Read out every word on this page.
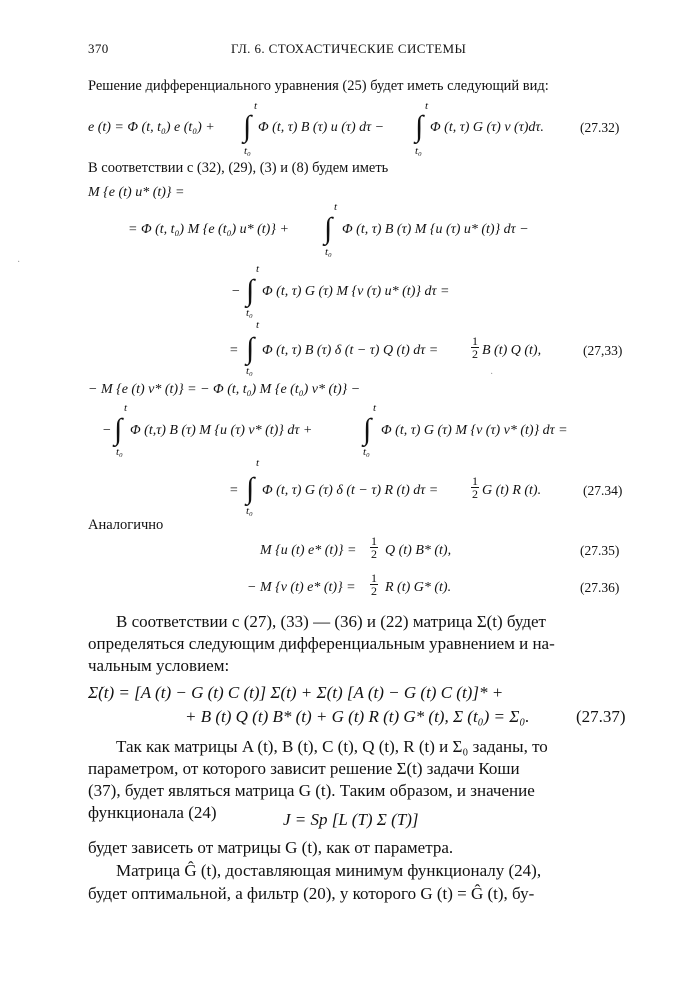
370	ГЛ. 6. СТОХАСТИЧЕСКИЕ СИСТЕМЫ
Решение дифференциального уравнения (25) будет иметь следующий вид:
e (t) = Φ (t, t₀) e (t₀) +
t
∫
t₀
Φ (t, τ) B (τ) u (τ) dτ −
t
∫
t₀
Φ (t, τ) G (τ) v (τ)dτ.	(27.32)
В соответствии с (32), (29), (3) и (8) будем иметь
M {e (t) u* (t)} =
= Φ (t, t₀) M {e (t₀) u* (t)} +
t
∫
t₀
Φ (t, τ) B (τ) M {u (τ) u* (t)} dτ −
−
t
∫
t₀
Φ (t, τ) G (τ) M {v (τ) u* (t)} dτ =
=
t
∫
t₀
Φ (t, τ) B (τ) δ (t − τ) Q (t) dτ =	$\frac{1}{2}$ B (t) Q (t),	(27,33)
− M {e (t) v* (t)} = − Φ (t, t₀) M {e (t₀) v* (t)} −
−
t
∫
t₀
Φ (t,τ) B (τ) M {u (τ) v* (t)} dτ +
t
∫
t₀
Φ (t, τ) G (τ) M {v (τ) v* (t)} dτ =
=
t
∫
t₀
Φ (t, τ) G (τ) δ (t − τ) R (t) dτ =	$\frac{1}{2}$ G (t) R (t).	(27.34)
Аналогично
M {u (t) e* $(t)\} = \frac{1}{2}$ Q (t) B* (t),	(27.35)
− M {v (t) e* $(t)\} = \frac{1}{2}$ R (t) G* (t).	(27.36)
В соответствии с (27), (33) — (36) и (22) матрица Σ(t) будет
определяться следующим дифференциальным уравнением и на-
чальным условием:
Σ̇(t) = [A (t) − G (t) C (t)] Σ(t) + Σ(t) [A (t) − G (t) C (t)]* +
+ B (t) Q (t) B* (t) + G (t) R (t) G* (t), Σ (t₀) = Σ₀.	(27.37)
Так как матрицы A (t), B (t), C (t), Q (t), R (t) и Σ₀ заданы, то
параметром, от которого зависит решение Σ(t) задачи Коши
(37), будет являться матрица G (t). Таким образом, и значение
функционала (24)	J = Sp [L (T) Σ (T)]
будет зависеть от матрицы G (t), как от параметра.
Матрица Ĝ (t), доставляющая минимум функционалу (24),
будет оптимальной, а фильтр (20), у которого G (t) = Ĝ (t), бу-
·
·
